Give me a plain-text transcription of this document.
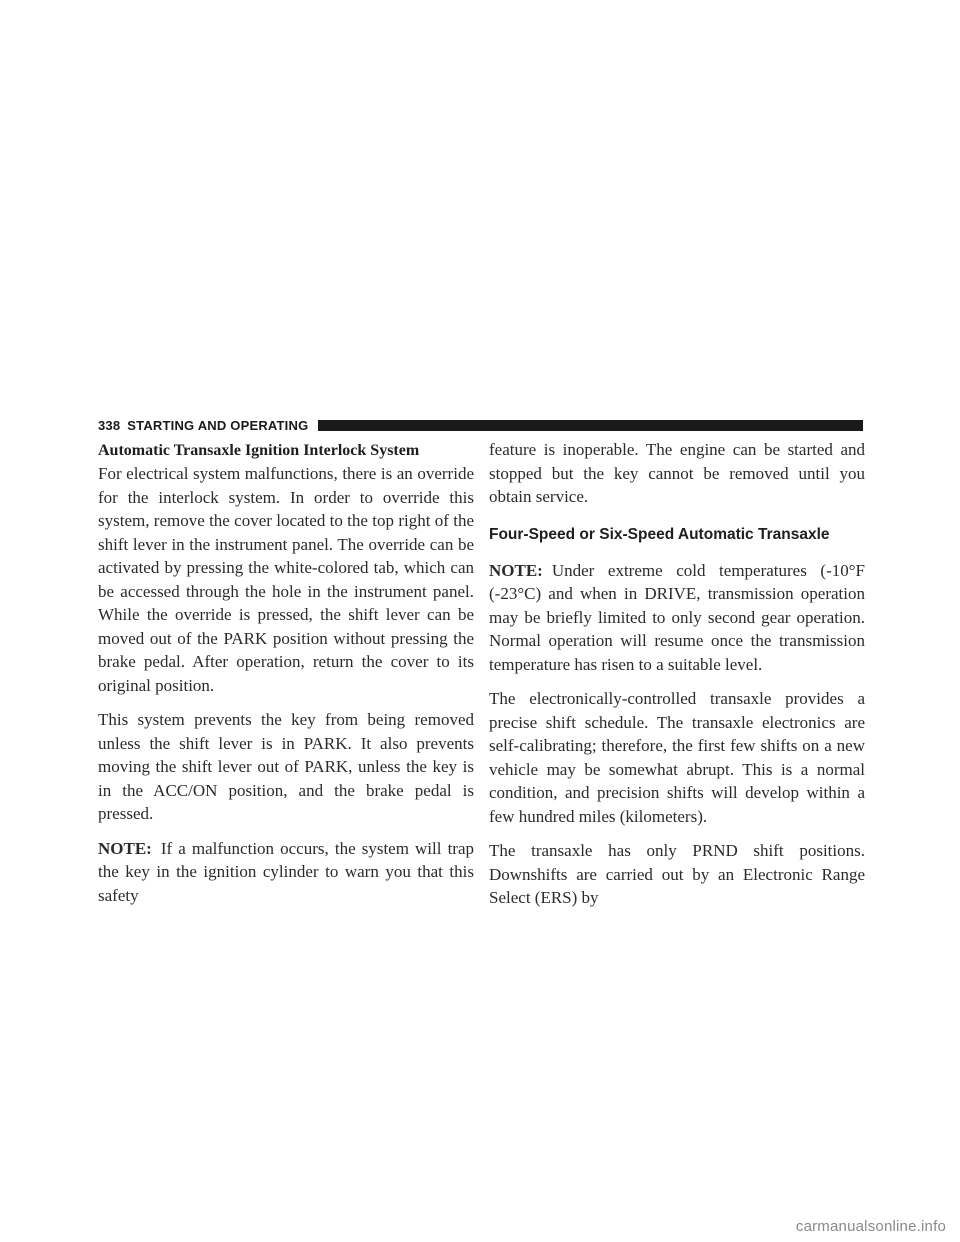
338 STARTING AND OPERATING
Automatic Transaxle Ignition Interlock System

For electrical system malfunctions, there is an override for the interlock system. In order to override this system, remove the cover located to the top right of the shift lever in the instrument panel. The override can be activated by pressing the white-colored tab, which can be accessed through the hole in the instrument panel. While the override is pressed, the shift lever can be moved out of the PARK position without pressing the brake pedal. After operation, return the cover to its original position.

This system prevents the key from being removed unless the shift lever is in PARK. It also prevents moving the shift lever out of PARK, unless the key is in the ACC/ON position, and the brake pedal is pressed.

NOTE: If a malfunction occurs, the system will trap the key in the ignition cylinder to warn you that this safety

feature is inoperable. The engine can be started and stopped but the key cannot be removed until you obtain service.

Four-Speed or Six-Speed Automatic Transaxle

NOTE: Under extreme cold temperatures (-10°F (-23°C) and when in DRIVE, transmission operation may be briefly limited to only second gear operation. Normal operation will resume once the transmission temperature has risen to a suitable level.

The electronically-controlled transaxle provides a precise shift schedule. The transaxle electronics are self-calibrating; therefore, the first few shifts on a new vehicle may be somewhat abrupt. This is a normal condition, and precision shifts will develop within a few hundred miles (kilometers).

The transaxle has only PRND shift positions. Downshifts are carried out by an Electronic Range Select (ERS) by

carmanualsonline.info
